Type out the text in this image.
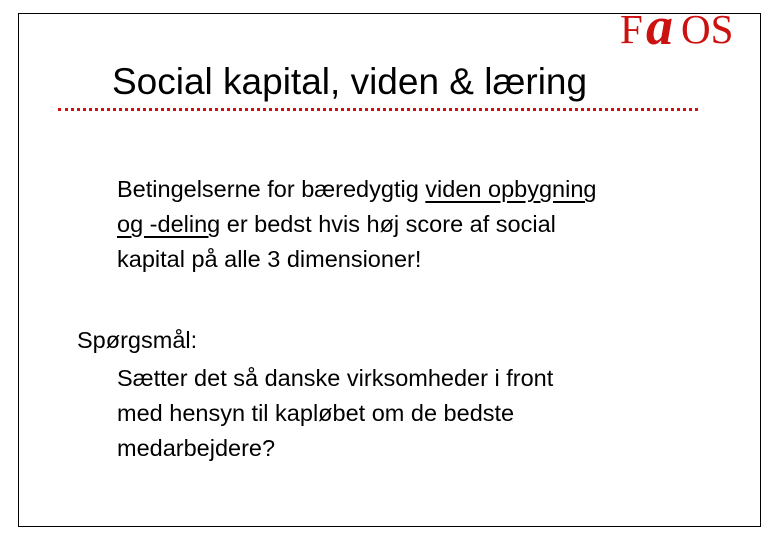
F a OS
Social kapital, viden & læring

Betingelserne for bæredygtig viden opbygning
og -deling er bedst hvis høj score af social
kapital på alle 3 dimensioner!

Spørgsmål:

Sætter det så danske virksomheder i front
med hensyn til kapløbet om de bedste
medarbejdere?
